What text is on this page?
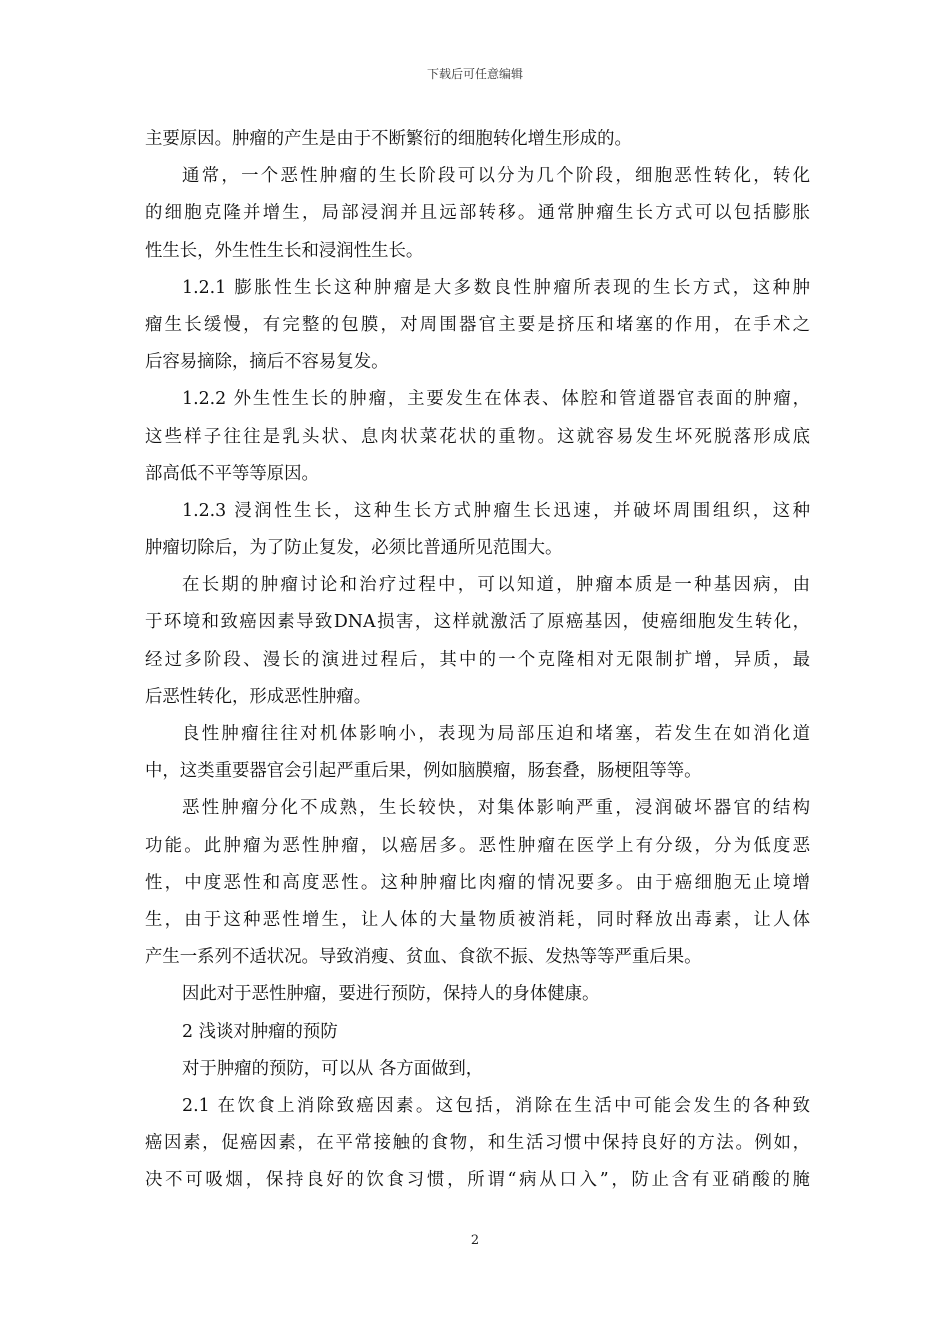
下载后可任意编辑
主要原因。肿瘤的产生是由于不断繁衍的细胞转化增生形成的。
通常，一个恶性肿瘤的生长阶段可以分为几个阶段，细胞恶性转化，转化
的细胞克隆并增生，局部浸润并且远部转移。通常肿瘤生长方式可以包括膨胀
性生长，外生性生长和浸润性生长。
1.2.1 膨胀性生长这种肿瘤是大多数良性肿瘤所表现的生长方式，这种肿
瘤生长缓慢，有完整的包膜，对周围器官主要是挤压和堵塞的作用，在手术之
后容易摘除，摘后不容易复发。
1.2.2 外生性生长的肿瘤，主要发生在体表、体腔和管道器官表面的肿瘤，
这些样子往往是乳头状、息肉状菜花状的重物。这就容易发生坏死脱落形成底
部高低不平等等原因。
1.2.3 浸润性生长，这种生长方式肿瘤生长迅速，并破坏周围组织，这种
肿瘤切除后，为了防止复发，必须比普通所见范围大。
在长期的肿瘤讨论和治疗过程中，可以知道，肿瘤本质是一种基因病，由
于环境和致癌因素导致DNA损害，这样就激活了原癌基因，使癌细胞发生转化，
经过多阶段、漫长的演进过程后，其中的一个克隆相对无限制扩增，异质，最
后恶性转化，形成恶性肿瘤。
良性肿瘤往往对机体影响小，表现为局部压迫和堵塞，若发生在如消化道
中，这类重要器官会引起严重后果，例如脑膜瘤，肠套叠，肠梗阻等等。
恶性肿瘤分化不成熟，生长较快，对集体影响严重，浸润破坏器官的结构
功能。此肿瘤为恶性肿瘤，以癌居多。恶性肿瘤在医学上有分级，分为低度恶
性，中度恶性和高度恶性。这种肿瘤比肉瘤的情况要多。由于癌细胞无止境增
生，由于这种恶性增生，让人体的大量物质被消耗，同时释放出毒素，让人体
产生一系列不适状况。导致消瘦、贫血、食欲不振、发热等等严重后果。
因此对于恶性肿瘤，要进行预防，保持人的身体健康。
2 浅谈对肿瘤的预防
对于肿瘤的预防，可以从 各方面做到，
2.1 在饮食上消除致癌因素。这包括，消除在生活中可能会发生的各种致
癌因素，促癌因素，在平常接触的食物，和生活习惯中保持良好的方法。例如，
决不可吸烟，保持良好的饮食习惯，所谓“病从口入”，防止含有亚硝酸的腌
2
